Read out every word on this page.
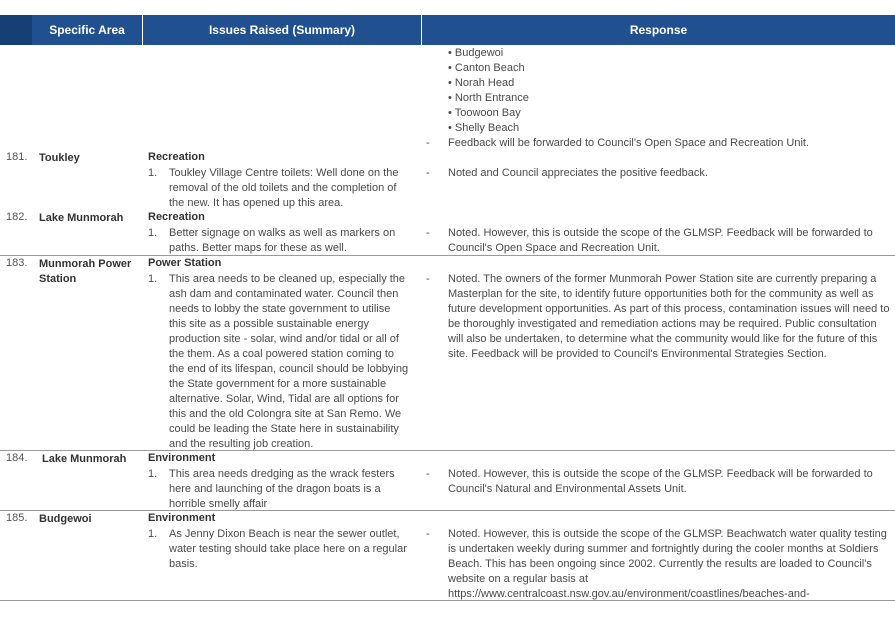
Specific Area	Issues Raised (Summary)	Response
• Budgewoi
• Canton Beach
• Norah Head
• North Entrance
• Toowoon Bay
• Shelly Beach
- Feedback will be forwarded to Council's Open Space and Recreation Unit.
181. Toukley	Recreation
1. Toukley Village Centre toilets: Well done on the removal of the old toilets and the completion of the new. It has opened up this area.
- Noted and Council appreciates the positive feedback.
182. Lake Munmorah	Recreation
1. Better signage on walks as well as markers on paths. Better maps for these as well.
- Noted. However, this is outside the scope of the GLMSP. Feedback will be forwarded to Council's Open Space and Recreation Unit.
183. Munmorah Power Station
Power Station
1. This area needs to be cleaned up, especially the ash dam and contaminated water. Council then needs to lobby the state government to utilise this site as a possible sustainable energy production site - solar, wind and/or tidal or all of the them. As a coal powered station coming to the end of its lifespan, council should be lobbying the State government for a more sustainable alternative. Solar, Wind, Tidal are all options for this and the old Colongra site at San Remo. We could be leading the State here in sustainability and the resulting job creation.
- Noted. The owners of the former Munmorah Power Station site are currently preparing a Masterplan for the site, to identify future opportunities both for the community as well as future development opportunities. As part of this process, contamination issues will need to be thoroughly investigated and remediation actions may be required. Public consultation will also be undertaken, to determine what the community would like for the future of this site. Feedback will be provided to Council's Environmental Strategies Section.
184. Lake Munmorah	Environment
1. This area needs dredging as the wrack festers here and launching of the dragon boats is a horrible smelly affair
- Noted. However, this is outside the scope of the GLMSP. Feedback will be forwarded to Council's Natural and Environmental Assets Unit.
185. Budgewoi	Environment
1. As Jenny Dixon Beach is near the sewer outlet, water testing should take place here on a regular basis.
- Noted. However, this is outside the scope of the GLMSP. Beachwatch water quality testing is undertaken weekly during summer and fortnightly during the cooler months at Soldiers Beach. This has been ongoing since 2002. Currently the results are loaded to Council's website on a regular basis at https://www.centralcoast.nsw.gov.au/environment/coastlines/beaches-and-
